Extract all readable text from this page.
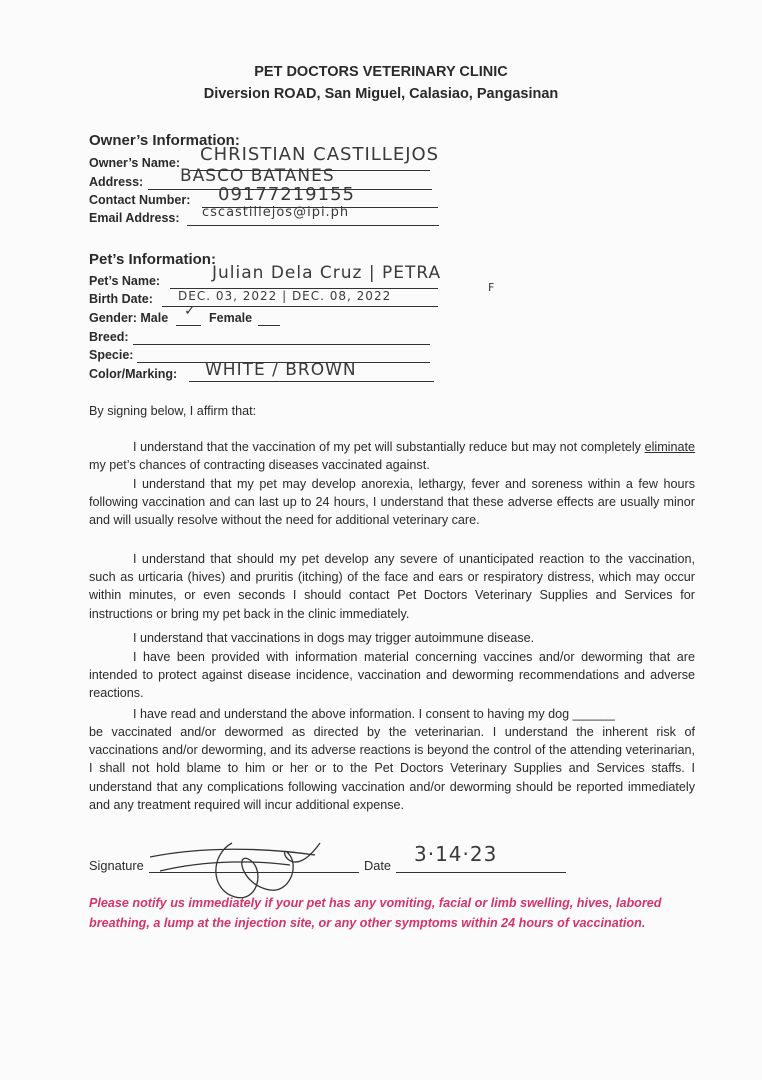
PET DOCTORS VETERINARY CLINIC
Diversion ROAD, San Miguel, Calasiao, Pangasinan
Owner’s Information:
Owner’s Name: CHRISTIAN CASTILLEJOS
Address: BASCO BATANES
Contact Number: 09177219155
Email Address: cscastillejos@ipi.ph
Pet’s Information:
Pet’s Name:	Julian Dela Cruz | PETRA
F
Birth Date: DEC. 03, 2022 | DEC. 08, 2022
Gender: Male ✓ Female
Breed:
Specie:
Color/Marking: WHITE / BROWN
By signing below, I affirm that:
I understand that the vaccination of my pet will substantially reduce but may not completely eliminate my pet’s chances of contracting diseases vaccinated against.
I understand that my pet may develop anorexia, lethargy, fever and soreness within a few hours following vaccination and can last up to 24 hours, I understand that these adverse effects are usually minor and will usually resolve without the need for additional veterinary care.
I understand that should my pet develop any severe of unanticipated reaction to the vaccination, such as urticaria (hives) and pruritis (itching) of the face and ears or respiratory distress, which may occur within minutes, or even seconds I should contact Pet Doctors Veterinary Supplies and Services for instructions or bring my pet back in the clinic immediately.
I understand that vaccinations in dogs may trigger autoimmune disease.
I have been provided with information material concerning vaccines and/or deworming that are intended to protect against disease incidence, vaccination and deworming recommendations and adverse reactions.
I have read and understand the above information. I consent to having my dog ______
be vaccinated and/or dewormed as directed by the veterinarian. I understand the inherent risk of vaccinations and/or deworming, and its adverse reactions is beyond the control of the attending veterinarian, I shall not hold blame to him or her or to the Pet Doctors Veterinary Supplies and Services staffs. I understand that any complications following vaccination and/or deworming should be reported immediately and any treatment required will incur additional expense.
Signature	Date 3·14·23
Please notify us immediately if your pet has any vomiting, facial or limb swelling, hives, labored breathing, a lump at the injection site, or any other symptoms within 24 hours of vaccination.
